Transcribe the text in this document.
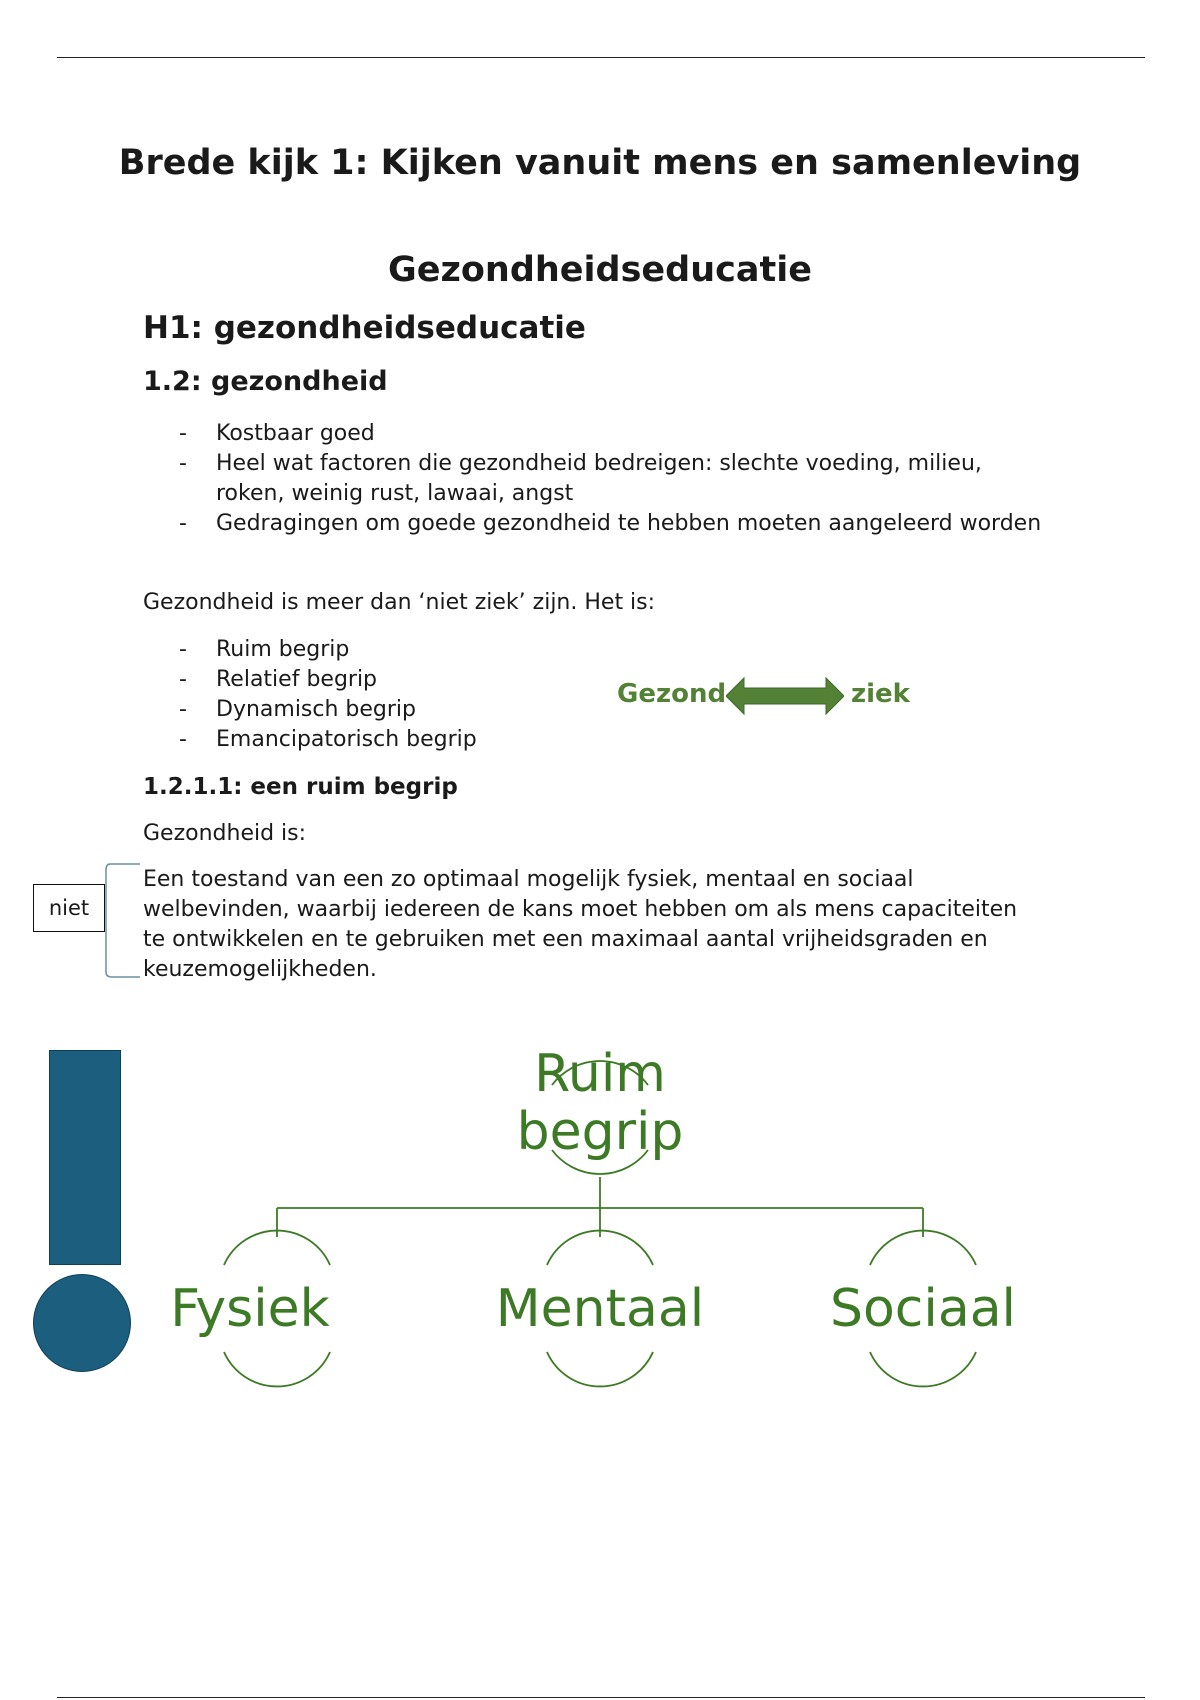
Brede kijk 1: Kijken vanuit mens en samenleving
Gezondheidseducatie
H1: gezondheidseducatie
1.2: gezondheid
- Kostbaar goed
- Heel wat factoren die gezondheid bedreigen: slechte voeding, milieu, roken, weinig rust, lawaai, angst
- Gedragingen om goede gezondheid te hebben moeten aangeleerd worden

Gezondheid is meer dan ‘niet ziek’ zijn. Het is:

- Ruim begrip
- Relatief begrip
- Dynamisch begrip
- Emancipatorisch begrip
Gezond	ziek
1.2.1.1: een ruim begrip

Gezondheid is:

niet

Een toestand van een zo optimaal mogelijk fysiek, mentaal en sociaal welbevinden, waarbij iedereen de kans moet hebben om als mens capaciteiten te ontwikkelen en te gebruiken met een maximaal aantal vrijheidsgraden en keuzemogelijkheden.

Ruim begrip
Fysiek	Mentaal	Sociaal
